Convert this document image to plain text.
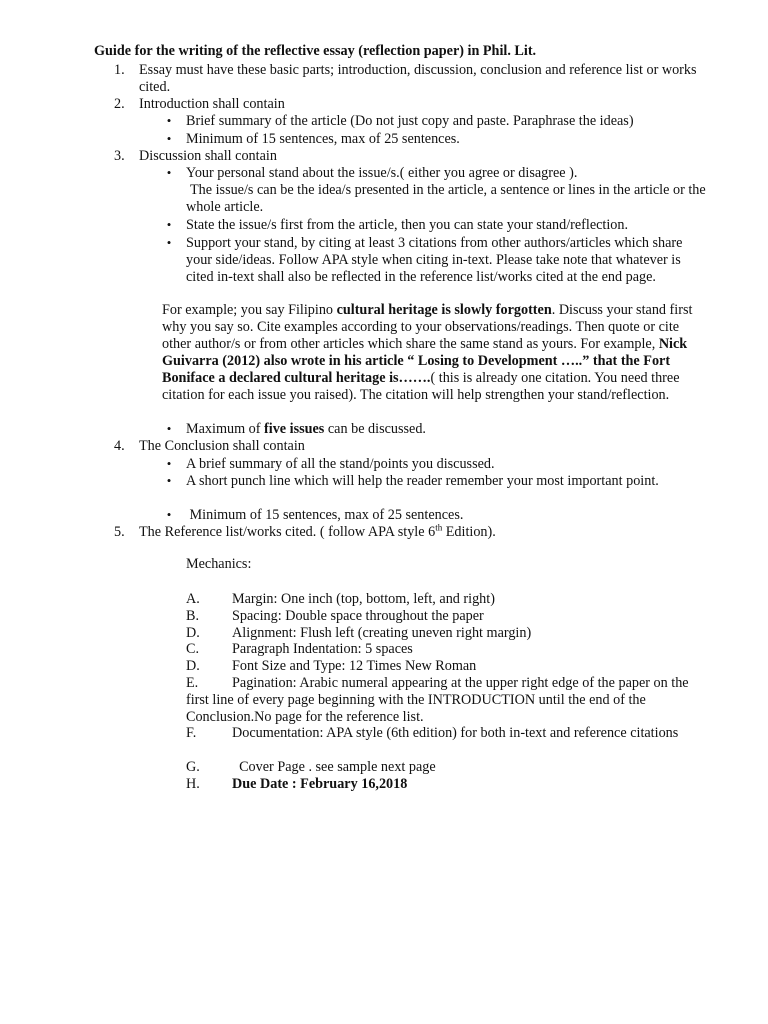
Guide for the writing of the reflective essay (reflection paper) in Phil. Lit.
1.	Essay must have these basic parts; introduction, discussion, conclusion and reference list or works cited.
2.	Introduction shall contain
•	Brief summary of the article (Do not just copy and paste. Paraphrase the ideas)
•	Minimum of 15 sentences, max of 25 sentences.
3.	Discussion shall contain
•	Your personal stand about the issue/s.( either you agree or disagree ).
The issue/s can be the idea/s presented in the article, a sentence or lines in the article or the whole article.
•	State the issue/s first from the article, then you can state your stand/reflection.
•	Support your stand, by citing at least 3 citations from other authors/articles which share your side/ideas. Follow APA style when citing in-text. Please take note that whatever is cited in-text shall also be reflected in the reference list/works cited at the end page.
For example; you say Filipino cultural heritage is slowly forgotten. Discuss your stand first why you say so. Cite examples according to your observations/readings. Then quote or cite other author/s or from other articles which share the same stand as yours. For example, Nick Guivarra (2012) also wrote in his article “ Losing to Development …..” that the Fort Boniface a declared cultural heritage is…….( this is already one citation. You need three citation for each issue you raised). The citation will help strengthen your stand/reflection.
•	Maximum of five issues can be discussed.
4.	The Conclusion shall contain
•	A brief summary of all the stand/points you discussed.
•	A short punch line which will help the reader remember your most important point.
•	Minimum of 15 sentences, max of 25 sentences.
5.	The Reference list/works cited. ( follow APA style 6th Edition).
Mechanics:
A.	Margin: One inch (top, bottom, left, and right)
B.	Spacing: Double space throughout the paper
D.	Alignment: Flush left (creating uneven right margin)
C.	Paragraph Indentation: 5 spaces
D.	Font Size and Type: 12 Times New Roman
E. Pagination: Arabic numeral appearing at the upper right edge of the paper on the first line of every page beginning with the INTRODUCTION until the end of the Conclusion.No page for the reference list.
F.	Documentation: APA style (6th edition) for both in-text and reference citations
G.	Cover Page . see sample next page
H.	Due Date : February 16,2018
